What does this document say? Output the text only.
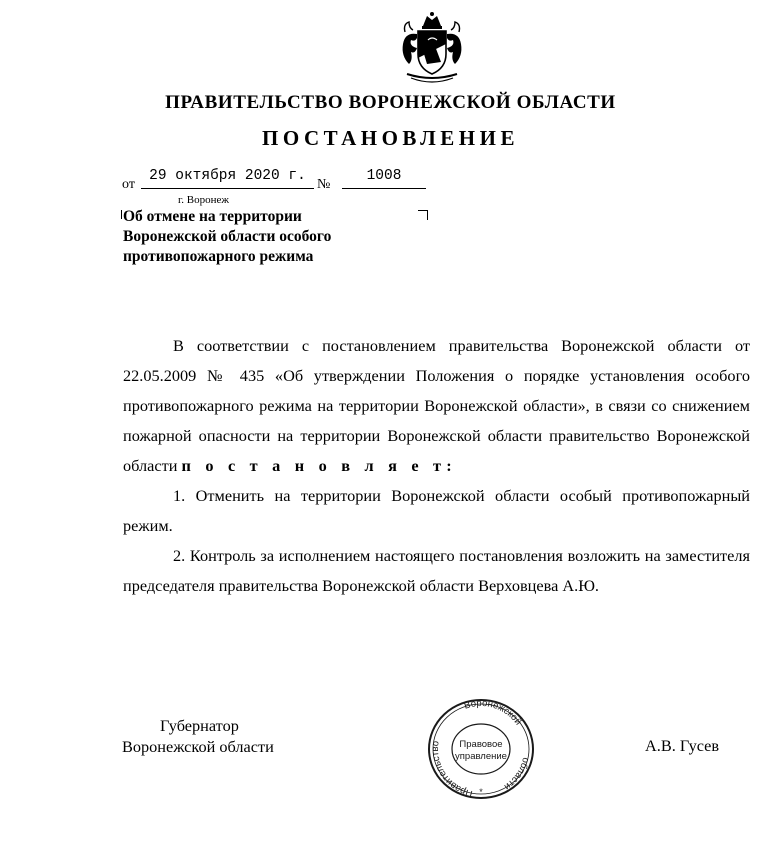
ПРАВИТЕЛЬСТВО ВОРОНЕЖСКОЙ ОБЛАСТИ
ПОСТАНОВЛЕНИЕ
от
29 октября 2020 г.
№
1008
г. Воронеж
Об отмене на территории
Воронежской области особого
противопожарного режима

В соответствии с постановлением правительства Воронежской области от 22.05.2009 № 435 «Об утверждении Положения о порядке установления особого противопожарного режима на территории Воронежской области», в связи со снижением пожарной опасности на территории Воронежской области правительство Воронежской области п о с т а н о в л я е т:

1. Отменить на территории Воронежской области особый противопожарный режим.

2. Контроль за исполнением настоящего постановления возложить на заместителя председателя правительства Воронежской области Верховцева А.Ю.

Губернатор
Воронежской области	А.В. Гусев
Правительство
Воронежской
области
Правовое
управление
*
